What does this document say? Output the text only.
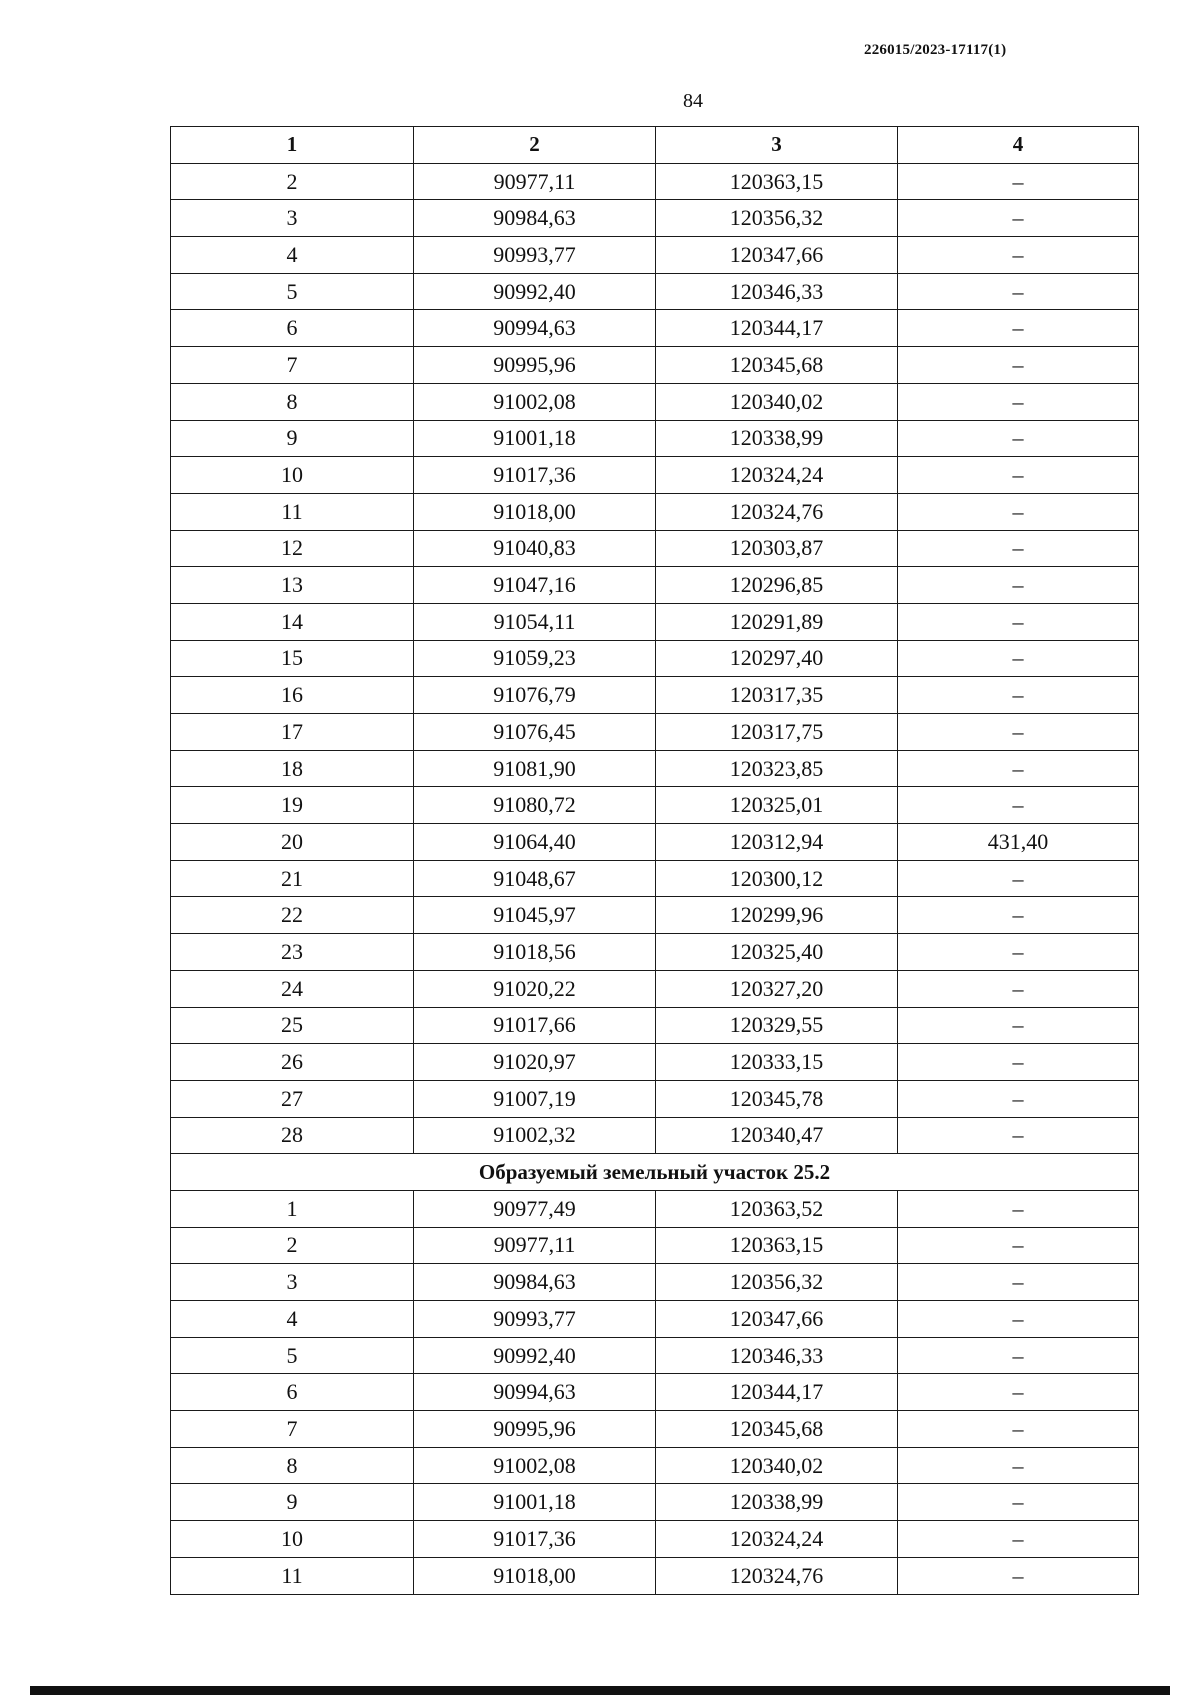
226015/2023-17117(1)
84
1	2	3	4
2	90977,11	120363,15	–
3	90984,63	120356,32	–
4	90993,77	120347,66	–
5	90992,40	120346,33	–
6	90994,63	120344,17	–
7	90995,96	120345,68	–
8	91002,08	120340,02	–
9	91001,18	120338,99	–
10	91017,36	120324,24	–
11	91018,00	120324,76	–
12	91040,83	120303,87	–
13	91047,16	120296,85	–
14	91054,11	120291,89	–
15	91059,23	120297,40	–
16	91076,79	120317,35	–
17	91076,45	120317,75	–
18	91081,90	120323,85	–
19	91080,72	120325,01	–
20	91064,40	120312,94	431,40
21	91048,67	120300,12	–
22	91045,97	120299,96	–
23	91018,56	120325,40	–
24	91020,22	120327,20	–
25	91017,66	120329,55	–
26	91020,97	120333,15	–
27	91007,19	120345,78	–
28	91002,32	120340,47	–
Образуемый земельный участок 25.2			
1	90977,49	120363,52	–
2	90977,11	120363,15	–
3	90984,63	120356,32	–
4	90993,77	120347,66	–
5	90992,40	120346,33	–
6	90994,63	120344,17	–
7	90995,96	120345,68	–
8	91002,08	120340,02	–
9	91001,18	120338,99	–
10	91017,36	120324,24	–
11	91018,00	120324,76	–
